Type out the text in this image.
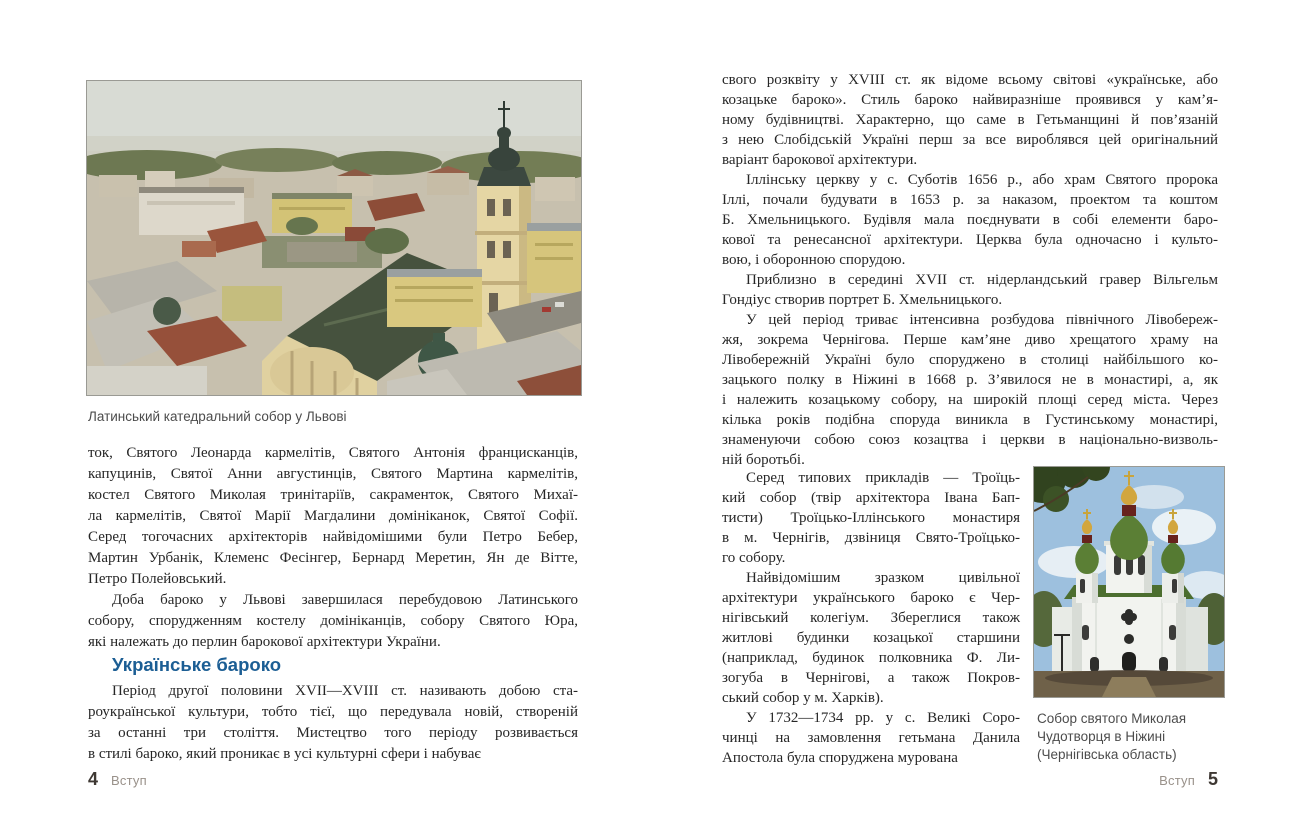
Латинський катедральний собор у Львові
ток, Святого Леонарда кармелітів, Святого Антонія францисканців,
капуцинів, Святої Анни августинців, Святого Мартина кармелітів,
костел Святого Миколая тринітаріїв, сакраменток, Святого Михаї-
ла кармелітів, Святої Марії Магдалини домініканок, Святої Софії.
Серед тогочасних архітекторів найвідомішими були Петро Бебер,
Мартин Урбанік, Клеменс Фесінгер, Бернард Меретин, Ян де Вітте,
Петро Полейовський.
Доба бароко у Львові завершилася перебудовою Латинського
собору, спорудженням костелу домініканців, собору Святого Юра,
які належать до перлин барокової архітектури України.
Українське бароко
Період другої половини XVII—XVIII ст. називають добою ста-
роукраїнської культури, тобто тієї, що передувала новій, створеній
за останні три століття. Мистецтво того періоду розвивається
в стилі бароко, який проникає в усі культурні сфери і набуває
4 Вступ
свого розквіту у XVIII ст. як відоме всьому світові «українське, або
козацьке бароко». Стиль бароко найвиразніше проявився у кам’я-
ному будівництві. Характерно, що саме в Гетьманщині й пов’язаній
з нею Слобідській Україні перш за все вироблявся цей оригінальний
варіант барокової архітектури.
Іллінську церкву у с. Суботів 1656 р., або храм Святого пророка
Іллі, почали будувати в 1653 р. за наказом, проектом та коштом
Б. Хмельницького. Будівля мала поєднувати в собі елементи баро-
кової та ренесансної архітектури. Церква була одночасно і культо-
вою, і оборонною спорудою.
Приблизно в середині XVII ст. нідерландський гравер Вільгельм
Гондіус створив портрет Б. Хмельницького.
У цей період триває інтенсивна розбудова північного Лівобереж-
жя, зокрема Чернігова. Перше кам’яне диво хрещатого храму на
Лівобережній Україні було споруджено в столиці найбільшого ко-
зацького полку в Ніжині в 1668 р. З’явилося не в монастирі, а, як
і належить козацькому собору, на широкій площі серед міста. Через
кілька років подібна споруда виникла в Густинському монастирі,
знаменуючи собою союз козацтва і церкви в національно-визволь-
ній боротьбі.
Серед типових прикладів — Троїць-
кий собор (твір архітектора Івана Бап-
тисти) Троїцько-Іллінського монастиря
в м. Чернігів, дзвіниця Свято-Троїцько-
го собору.
Найвідомішим зразком цивільної
архітектури українського бароко є Чер-
нігівський колегіум. Збереглися також
житлові будинки козацької старшини
(наприклад, будинок полковника Ф. Ли-
зогуба в Чернігові, а також Покров-
ський собор у м. Харків).
У 1732—1734 рр. у с. Великі Соро-
чинці на замовлення гетьмана Данила
Апостола була споруджена мурована
Собор святого Миколая
Чудотворця в Ніжині
(Чернігівська область)
Вступ 5
